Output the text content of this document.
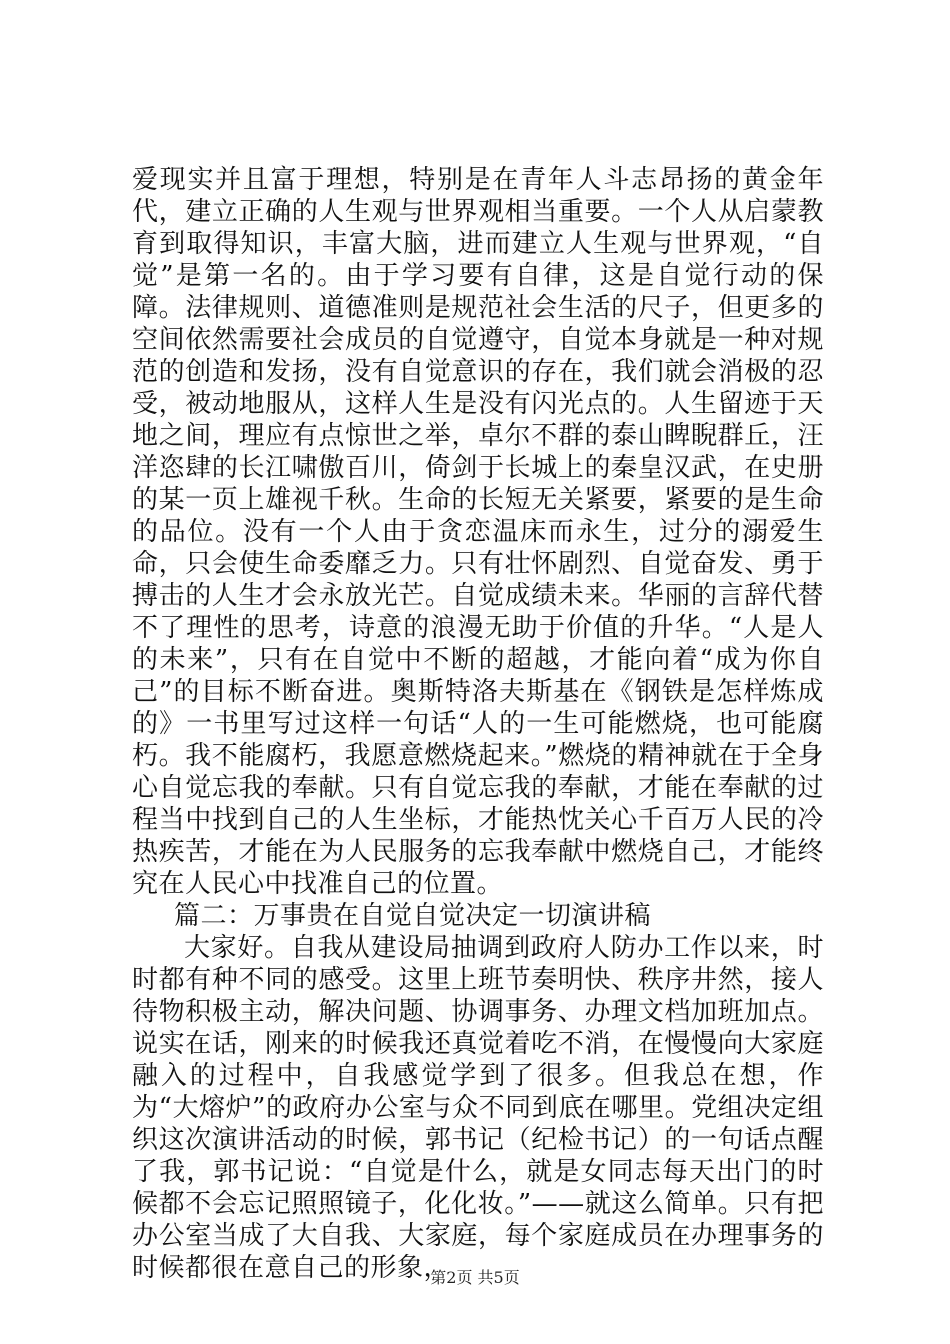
爱现实并且富于理想，特别是在青年人斗志昂扬的黄金年代，建立正确的人生观与世界观相当重要。一个人从启蒙教育到取得知识，丰富大脑，进而建立人生观与世界观，“自觉”是第一名的。由于学习要有自律，这是自觉行动的保障。法律规则、道德准则是规范社会生活的尺子，但更多的空间依然需要社会成员的自觉遵守，自觉本身就是一种对规范的创造和发扬，没有自觉意识的存在，我们就会消极的忍受，被动地服从，这样人生是没有闪光点的。人生留迹于天地之间，理应有点惊世之举，卓尔不群的泰山睥睨群丘，汪洋恣肆的长江啸傲百川，倚剑于长城上的秦皇汉武，在史册的某一页上雄视千秋。生命的长短无关紧要，紧要的是生命的品位。没有一个人由于贪恋温床而永生，过分的溺爱生命，只会使生命委靡乏力。只有壮怀剧烈、自觉奋发、勇于搏击的人生才会永放光芒。自觉成绩未来。华丽的言辞代替不了理性的思考，诗意的浪漫无助于价值的升华。“人是人的未来”，只有在自觉中不断的超越，才能向着“成为你自己”的目标不断奋进。奥斯特洛夫斯基在《钢铁是怎样炼成的》一书里写过这样一句话“人的一生可能燃烧，也可能腐朽。我不能腐朽，我愿意燃烧起来。”燃烧的精神就在于全身心自觉忘我的奉献。只有自觉忘我的奉献，才能在奉献的过程当中找到自己的人生坐标，才能热忱关心千百万人民的冷热疾苦，才能在为人民服务的忘我奉献中燃烧自己，才能终究在人民心中找准自己的位置。

篇二：万事贵在自觉自觉决定一切演讲稿

大家好。自我从建设局抽调到政府人防办工作以来，时时都有种不同的感受。这里上班节奏明快、秩序井然，接人待物积极主动，解决问题、协调事务、办理文档加班加点。说实在话，刚来的时候我还真觉着吃不消，在慢慢向大家庭融入的过程中，自我感觉学到了很多。但我总在想，作为“大熔炉”的政府办公室与众不同到底在哪里。党组决定组织这次演讲活动的时候，郭书记（纪检书记）的一句话点醒了我，郭书记说：“自觉是什么，就是女同志每天出门的时候都不会忘记照照镜子，化化妆。”——就这么简单。只有把办公室当成了大自我、大家庭，每个家庭成员在办理事务的时候都很在意自己的形象，

第2页 共5页
